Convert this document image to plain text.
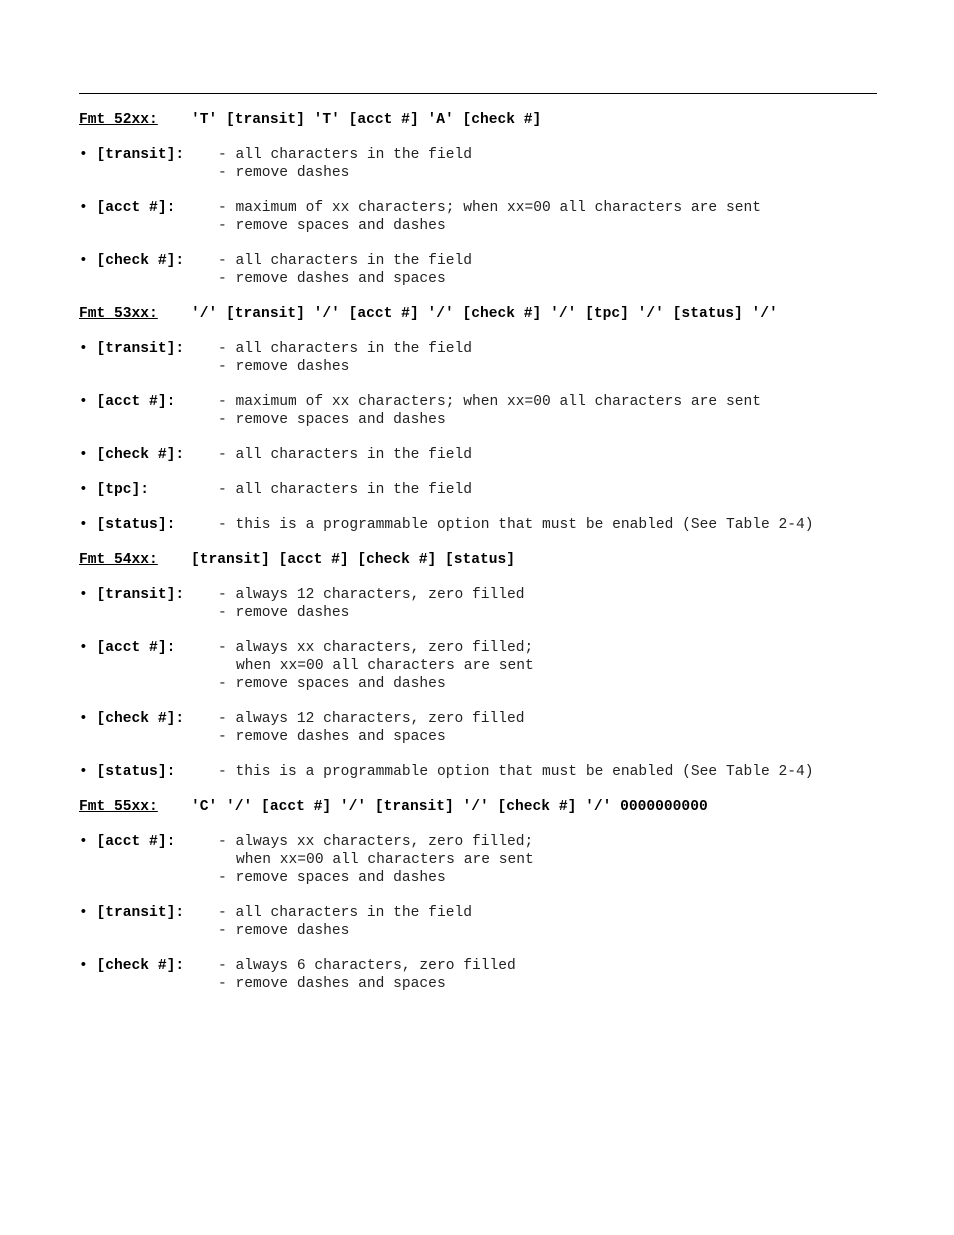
Fmt 52xx: 'T' [transit] 'T' [acct #] 'A' [check #]
• [transit]: - all characters in the field
- remove dashes
• [acct #]:	- maximum of xx characters; when xx=00 all characters are sent
- remove spaces and dashes
• [check #]: - all characters in the field
- remove dashes and spaces
Fmt 53xx: '/' [transit] '/' [acct #] '/' [check #] '/' [tpc] '/' [status] '/'
• [transit]: - all characters in the field
- remove dashes
• [acct #]:	- maximum of xx characters; when xx=00 all characters are sent
- remove spaces and dashes
• [check #]: - all characters in the field
• [tpc]:	- all characters in the field
• [status]:	- this is a programmable option that must be enabled (See Table 2-4)
Fmt 54xx: [transit] [acct #] [check #] [status]
• [transit]: - always 12 characters, zero filled
- remove dashes
• [acct #]:	- always xx characters, zero filled;
when xx=00 all characters are sent
- remove spaces and dashes
• [check #]: - always 12 characters, zero filled
- remove dashes and spaces
• [status]:	- this is a programmable option that must be enabled (See Table 2-4)
Fmt 55xx: 'C' '/' [acct #] '/' [transit] '/' [check #] '/' 0000000000
• [acct #]:	- always xx characters, zero filled;
when xx=00 all characters are sent
- remove spaces and dashes
• [transit]: - all characters in the field
- remove dashes
• [check #]: - always 6 characters, zero filled
- remove dashes and spaces
